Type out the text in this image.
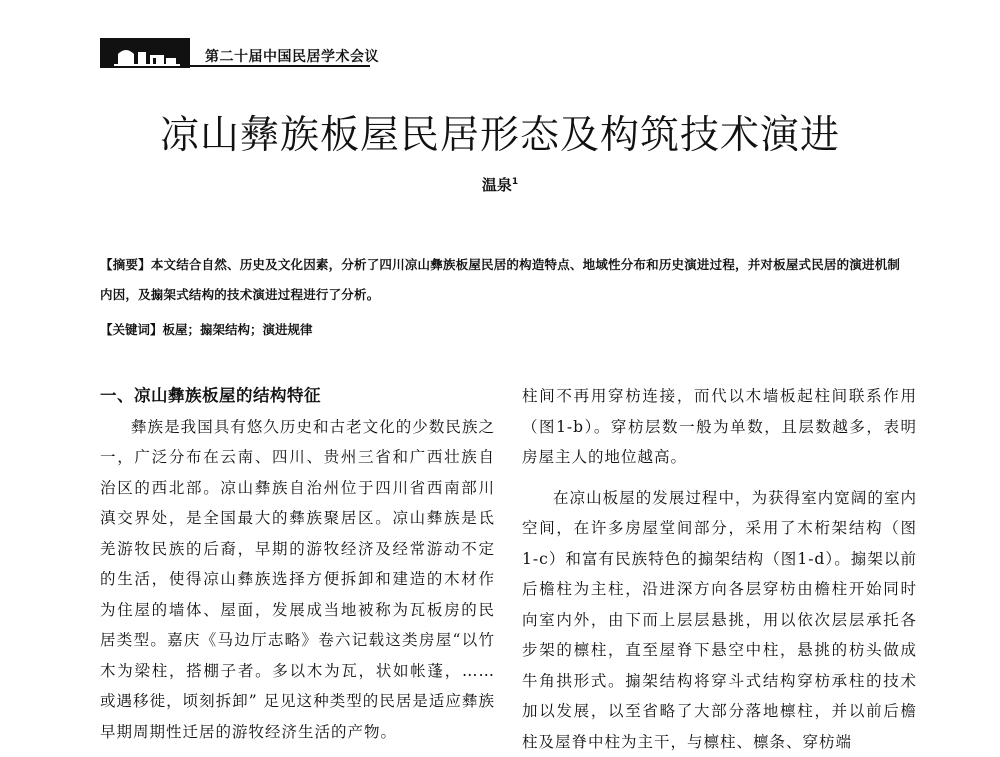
第二十届中国民居学术会议
凉山彝族板屋民居形态及构筑技术演进
温泉$^1$
【摘要】本文结合自然、历史及文化因素，分析了四川凉山彝族板屋民居的构造特点、地域性分布和历史演进过程，并对板屋式民居的演进机制内因，及搧架式结构的技术演进过程进行了分析。
【关键词】板屋；搧架结构；演进规律
一、凉山彝族板屋的结构特征

彝族是我国具有悠久历史和古老文化的少数民族之一，广泛分布在云南、四川、贵州三省和广西壮族自治区的西北部。凉山彝族自治州位于四川省西南部川滇交界处，是全国最大的彝族聚居区。凉山彝族是氐羌游牧民族的后裔，早期的游牧经济及经常游动不定的生活，使得凉山彝族选择方便拆卸和建造的木材作为住屋的墙体、屋面，发展成当地被称为瓦板房的民居类型。嘉庆《马边厅志略》卷六记载这类房屋“以竹木为梁柱，搭棚子者。多以木为瓦，状如帐蓬，……或遇移徙，顷刻拆卸” 足见这种类型的民居是适应彝族早期周期性迁居的游牧经济生活的产物。

柱间不再用穿枋连接，而代以木墙板起柱间联系作用（图1-b）。穿枋层数一般为单数，且层数越多，表明房屋主人的地位越高。

在凉山板屋的发展过程中，为获得室内宽阔的室内空间，在许多房屋堂间部分，采用了木桁架结构（图1-c）和富有民族特色的搧架结构（图1-d）。搧架以前后檐柱为主柱，沿进深方向各层穿枋由檐柱开始同时向室内外，由下而上层层悬挑，用以依次层层承托各步架的檩柱，直至屋脊下悬空中柱，悬挑的枋头做成牛角拱形式。搧架结构将穿斗式结构穿枋承柱的技术加以发展，以至省略了大部分落地檩柱，并以前后檐柱及屋脊中柱为主干，与檩柱、檩条、穿枋端
